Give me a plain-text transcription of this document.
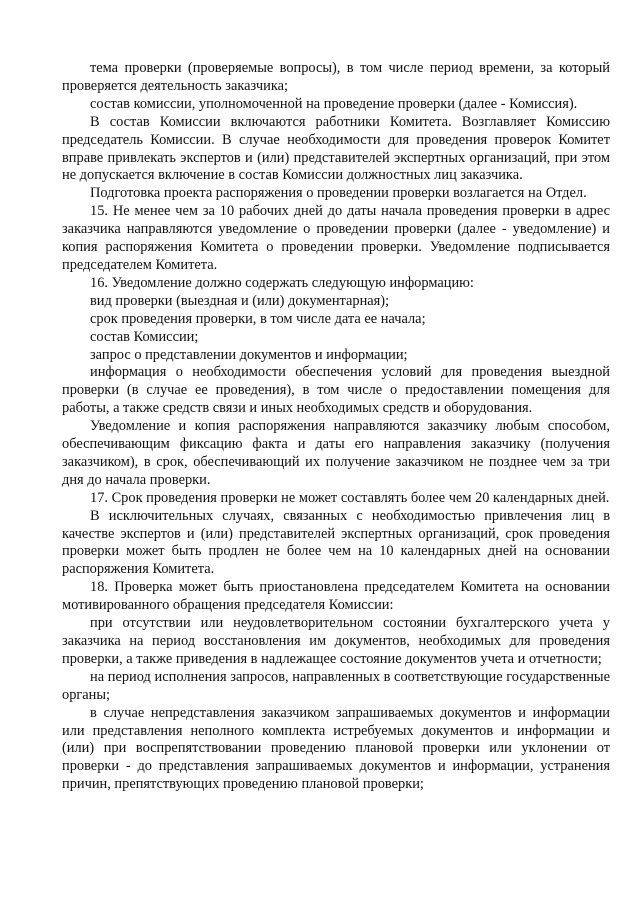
тема проверки (проверяемые вопросы), в том числе период времени, за который проверяется деятельность заказчика;

состав комиссии, уполномоченной на проведение проверки (далее - Комиссия).

В состав Комиссии включаются работники Комитета. Возглавляет Комиссию председатель Комиссии. В случае необходимости для проведения проверок Комитет вправе привлекать экспертов и (или) представителей экспертных организаций, при этом не допускается включение в состав Комиссии должностных лиц заказчика.

Подготовка проекта распоряжения о проведении проверки возлагается на Отдел.

15. Не менее чем за 10 рабочих дней до даты начала проведения проверки в адрес заказчика направляются уведомление о проведении проверки (далее - уведомление) и копия распоряжения Комитета о проведении проверки. Уведомление подписывается председателем Комитета.

16. Уведомление должно содержать следующую информацию:

вид проверки (выездная и (или) документарная);

срок проведения проверки, в том числе дата ее начала;

состав Комиссии;

запрос о представлении документов и информации;

информация о необходимости обеспечения условий для проведения выездной проверки (в случае ее проведения), в том числе о предоставлении помещения для работы, а также средств связи и иных необходимых средств и оборудования.

Уведомление и копия распоряжения направляются заказчику любым способом, обеспечивающим фиксацию факта и даты его направления заказчику (получения заказчиком), в срок, обеспечивающий их получение заказчиком не позднее чем за три дня до начала проверки.

17. Срок проведения проверки не может составлять более чем 20 календарных дней.

В исключительных случаях, связанных с необходимостью привлечения лиц в качестве экспертов и (или) представителей экспертных организаций, срок проведения проверки может быть продлен не более чем на 10 календарных дней на основании распоряжения Комитета.

18. Проверка может быть приостановлена председателем Комитета на основании мотивированного обращения председателя Комиссии:

при отсутствии или неудовлетворительном состоянии бухгалтерского учета у заказчика на период восстановления им документов, необходимых для проведения проверки, а также приведения в надлежащее состояние документов учета и отчетности;

на период исполнения запросов, направленных в соответствующие государственные органы;

в случае непредставления заказчиком запрашиваемых документов и информации или представления неполного комплекта истребуемых документов и информации и (или) при воспрепятствовании проведению плановой проверки или уклонении от проверки - до представления запрашиваемых документов и информации, устранения причин, препятствующих проведению плановой проверки;
